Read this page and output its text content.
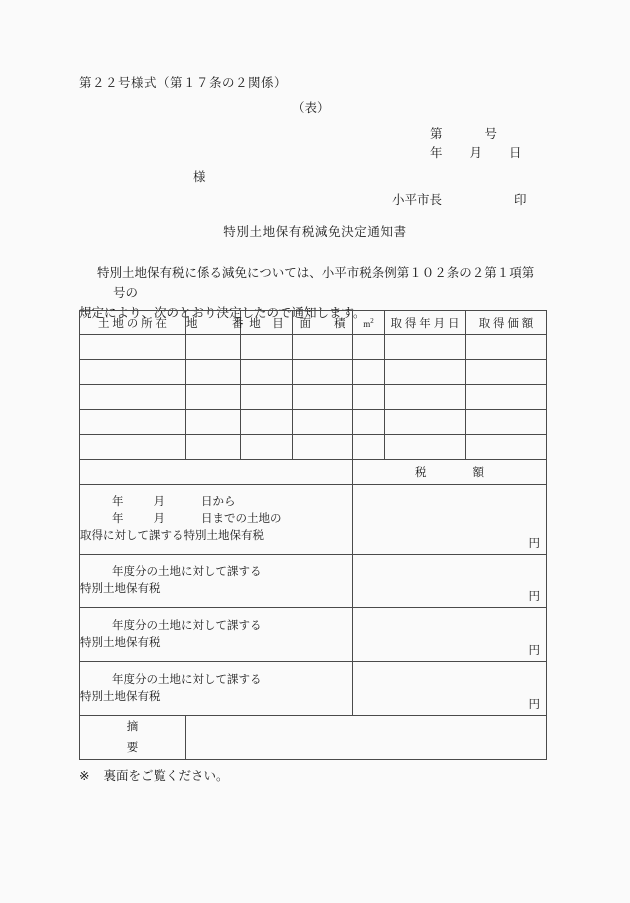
第２２号様式（第１７条の２関係）
（表）
第	号
年 月 日
様
小平市長	印
特別土地保有税減免決定通知書
特別土地保有税に係る減免については、小平市税条例第１０２条の２第１項第号の
規定により、次のとおり決定したので通知します。
土 地 の 所 在	地　　　番	地　目	面　　積	$m^2$	取 得 年 月 日	取 得 価 額

				税 額		
年 月 日から
年 月 日までの土地の
取得に対して課する特別土地保有税				円		

年度分の土地に対して課する
特別土地保有税				円		

年度分の土地に対して課する
特別土地保有税				円		

年度分の土地に対して課する
特別土地保有税				円		

摘
要						
※ 裏面をご覧ください。
